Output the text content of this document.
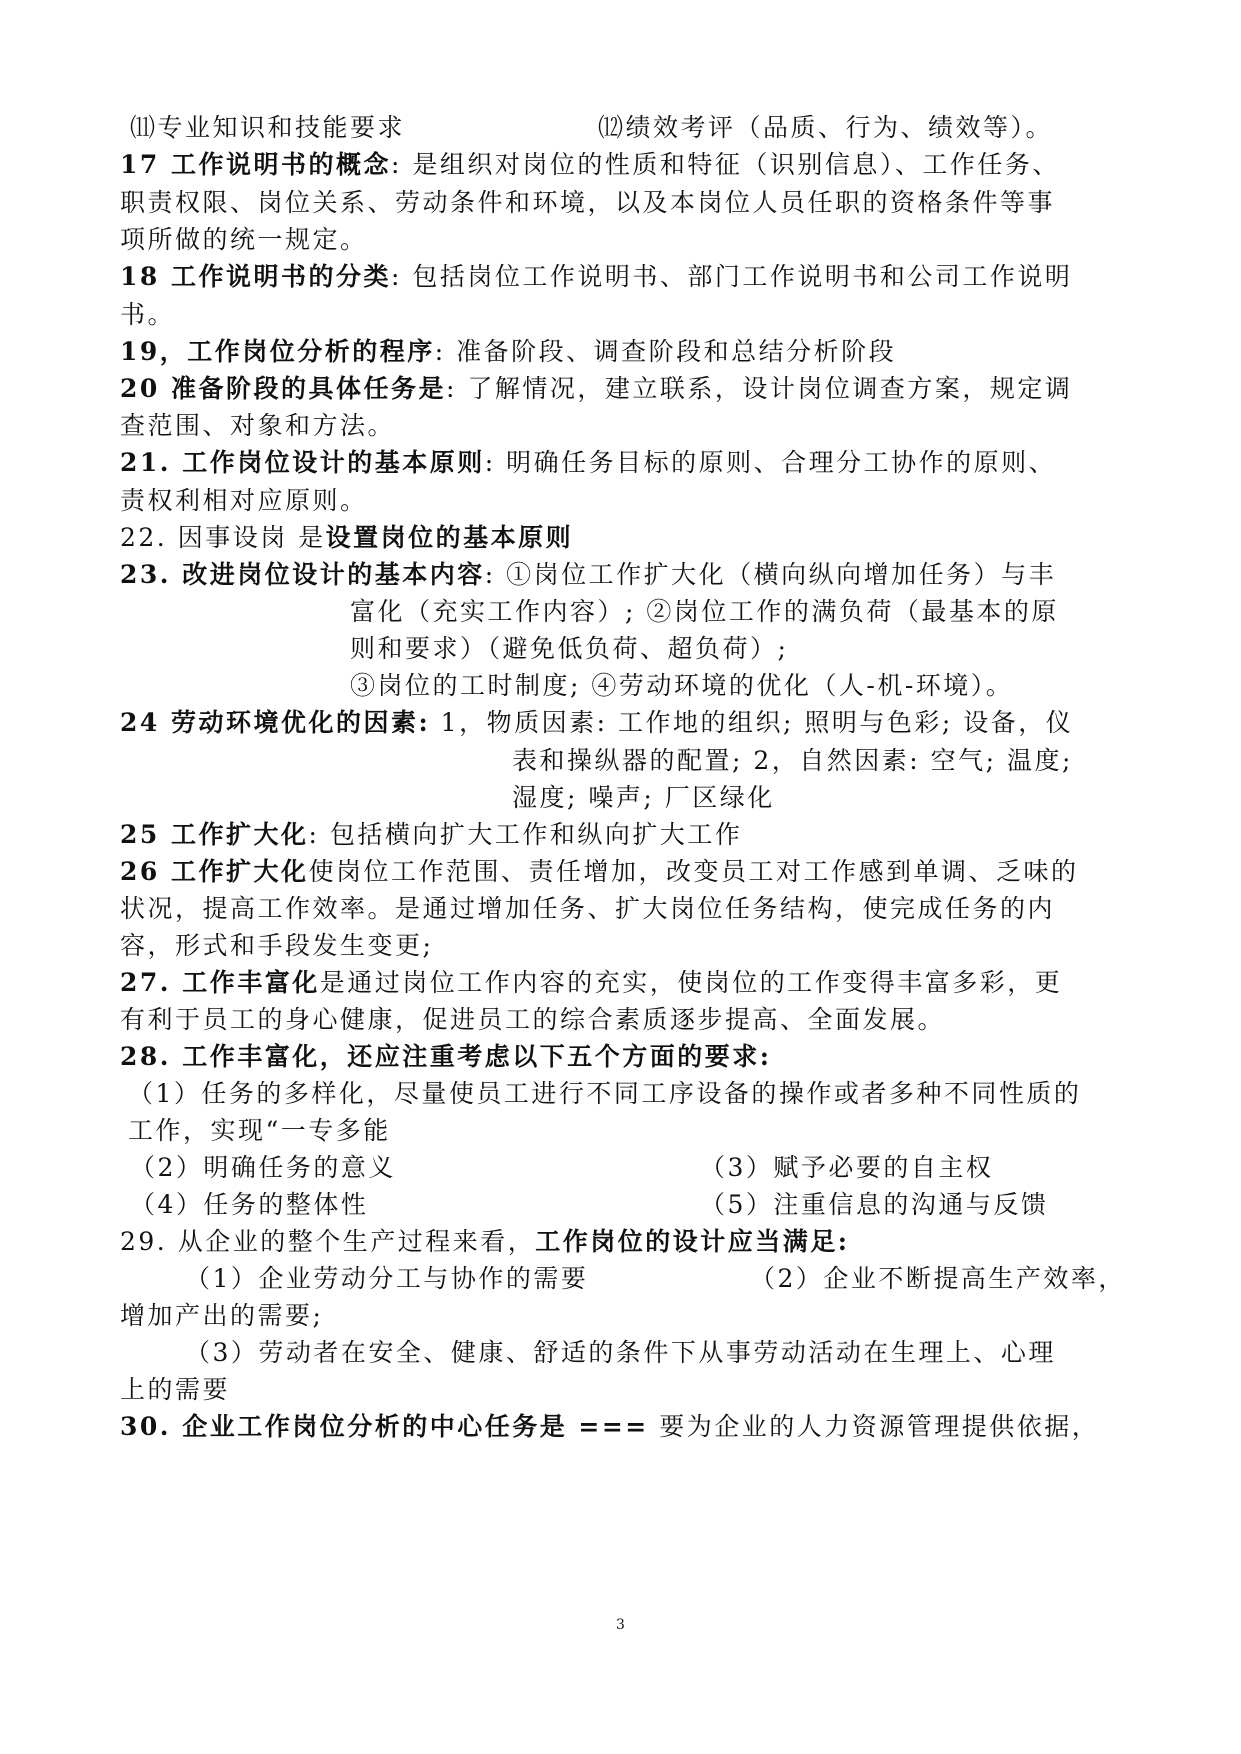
⑾专业知识和技能要求	⑿绩效考评（品质、行为、绩效等）。
17 工作说明书的概念: 是组织对岗位的性质和特征（识别信息）、工作任务、
职责权限、岗位关系、劳动条件和环境，以及本岗位人员任职的资格条件等事
项所做的统一规定。
18 工作说明书的分类: 包括岗位工作说明书、部门工作说明书和公司工作说明
书。
19，工作岗位分析的程序: 准备阶段、调查阶段和总结分析阶段
20 准备阶段的具体任务是: 了解情况，建立联系，设计岗位调查方案，规定调
查范围、对象和方法。
21. 工作岗位设计的基本原则: 明确任务目标的原则、合理分工协作的原则、
责权利相对应原则。
22. 因事设岗 是设置岗位的基本原则
23. 改进岗位设计的基本内容: ①岗位工作扩大化（横向纵向增加任务）与丰
富化（充实工作内容）; ②岗位工作的满负荷（最基本的原
则和要求）（避免低负荷、超负荷）;
③岗位的工时制度; ④劳动环境的优化（人-机-环境）。
24 劳动环境优化的因素: 1，物质因素: 工作地的组织; 照明与色彩; 设备，仪
表和操纵器的配置; 2，自然因素: 空气; 温度;
湿度; 噪声; 厂区绿化
25 工作扩大化: 包括横向扩大工作和纵向扩大工作
26 工作扩大化使岗位工作范围、责任增加，改变员工对工作感到单调、乏味的
状况，提高工作效率。是通过增加任务、扩大岗位任务结构，使完成任务的内
容，形式和手段发生变更;
27. 工作丰富化是通过岗位工作内容的充实，使岗位的工作变得丰富多彩，更
有利于员工的身心健康，促进员工的综合素质逐步提高、全面发展。
28. 工作丰富化，还应注重考虑以下五个方面的要求:
（1）任务的多样化，尽量使员工进行不同工序设备的操作或者多种不同性质的
工作，实现“一专多能
（2）明确任务的意义	（3）赋予必要的自主权
（4）任务的整体性	（5）注重信息的沟通与反馈
29. 从企业的整个生产过程来看，工作岗位的设计应当满足:
（1）企业劳动分工与协作的需要	（2）企业不断提高生产效率，
增加产出的需要;
（3）劳动者在安全、健康、舒适的条件下从事劳动活动在生理上、心理
上的需要
30. 企业工作岗位分析的中心任务是 === 要为企业的人力资源管理提供依据，
3
